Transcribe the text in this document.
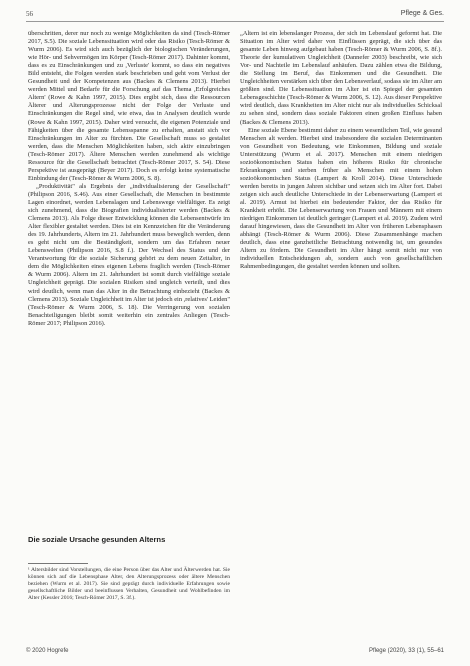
56	Pflege & Ges.

überschritten, derer nur noch zu wenige Möglichkeiten da sind (Tesch-Römer 2017, S.5). Die soziale Lebenssituation wird oder das Risiko (Tesch-Römer & Wurm 2006). Es wird sich auch bezüglich der biologischen Veränderungen, wie Hör- und Sehvermögen im Körper (Tesch-Römer 2017). Dahinter kommt, dass es zu Einschränkungen und zu ,Verluste' kommt, so dass ein negatives Bild entsteht, die Folgen werden stark beschrieben und geht vom Verlust der Gesundheit und der Kompetenzen aus (Backes & Clemens 2013). Hierbei werden Mittel und Bedarfe für die Forschung auf das Thema ,Erfolgreiches Altern' (Rowe & Kahn 1997, 2015). Dies ergibt sich, dass die Ressourcen Älterer und Alterungsprozesse nicht der Folge der Verluste und Einschränkungen die Regel sind, wie etwa, das in Analysen deutlich wurde (Rowe & Kahn 1997, 2015). Daher wird versucht, die eigenen Potenziale und Fähigkeiten über die gesamte Lebensspanne zu erhalten, anstatt sich vor Einschränkungen im Alter zu fürchten. Die Gesellschaft muss so gestaltet werden, dass die Menschen Möglichkeiten haben, sich aktiv einzubringen (Tesch-Römer 2017). Ältere Menschen werden zunehmend als wichtige Ressource für die Gesellschaft betrachtet (Tesch-Römer 2017, S. 54). Diese Perspektive ist ausgeprägt (Beyer 2017). Doch es erfolgt keine systematische Einbindung der (Tesch-Römer & Wurm 2006, S. 8).

„Produktivität" als Ergebnis der „individualisierung der Gesellschaft" (Philipson 2016, S.46). Aus einer Gesellschaft, die Menschen in bestimmte Lagen einordnet, werden Lebenslagen und Lebenswege vielfältiger. Es zeigt sich zunehmend, dass die Biografien individualisierter werden (Backes & Clemens 2013). Als Folge dieser Entwicklung können die Lebensentwürfe im Alter flexibler gestaltet werden. Dies ist ein Kennzeichen für die Veränderung des 19. Jahrhunderts, Altern im 21. Jahrhundert muss beweglich werden, denn es geht nicht um die Beständigkeit, sondern um das Erfahren neuer Lebenswelten (Philipson 2016, S.8 f.). Der Wechsel des Status und der Verantwortung für die soziale Sicherung gehört zu dem neuen Zeitalter, in dem die Möglichkeiten eines eigenen Lebens fraglich werden (Tesch-Römer & Wurm 2006). Altern im 21. Jahrhundert ist somit durch vielfältige soziale Ungleichheit geprägt. Die sozialen Risiken sind ungleich verteilt, und dies wird deutlich, wenn man das Alter in die Betrachtung einbezieht (Backes & Clemens 2013). Soziale Ungleichheit im Alter ist jedoch ein ,relatives' Leiden" (Tesch-Römer & Wurm 2006, S. 18). Die Verringerung von sozialen Benachteiligungen bleibt somit weiterhin ein zentrales Anliegen (Tesch-Römer 2017; Philipson 2016).

Die soziale Ursache gesunden Alterns
¹ Altersbilder sind Vorstellungen, die eine Person über das Alter und Älterwerden hat. Sie können sich auf die Lebensphase Alter, den Alterungsprozess oder ältere Menschen beziehen (Wurm et al. 2017). Sie sind geprägt durch individuelle Erfahrungen sowie gesellschaftliche Bilder und beeinflussen Verhalten, Gesundheit und Wohlbefinden im Alter (Kessler 2016; Tesch-Römer 2017, S. 3f.).

„Altern ist ein lebenslanger Prozess, der sich im Lebenslauf geformt hat. Die Situation im Alter wird daher von Einflüssen geprägt, die sich über das gesamte Leben hinweg aufgebaut haben (Tesch-Römer & Wurm 2006, S. 8f.). Theorie der kumulativen Ungleichheit (Dannefer 2003) beschreibt, wie sich Vor- und Nachteile im Lebenslauf anhäufen. Dazu zählen etwa die Bildung, die Stellung im Beruf, das Einkommen und die Gesundheit. Die Ungleichheiten verstärken sich über den Lebensverlauf, sodass sie im Alter am größten sind. Die Lebenssituation im Alter ist ein Spiegel der gesamten Lebensgeschichte (Tesch-Römer & Wurm 2006, S. 12). Aus dieser Perspektive wird deutlich, dass Krankheiten im Alter nicht nur als individuelles Schicksal zu sehen sind, sondern dass soziale Faktoren einen großen Einfluss haben (Backes & Clemens 2013).

Eine soziale Ebene bestimmt daher zu einem wesentlichen Teil, wie gesund Menschen alt werden. Hierbei sind insbesondere die sozialen Determinanten von Gesundheit von Bedeutung, wie Einkommen, Bildung und soziale Unterstützung (Wurm et al. 2017). Menschen mit einem niedrigen sozioökonomischen Status haben ein höheres Risiko für chronische Erkrankungen und sterben früher als Menschen mit einem hohen sozioökonomischen Status (Lampert & Kroll 2014). Diese Unterschiede werden bereits in jungen Jahren sichtbar und setzen sich im Alter fort. Dabei zeigen sich auch deutliche Unterschiede in der Lebenserwartung (Lampert et al. 2019). Armut ist hierbei ein bedeutender Faktor, der das Risiko für Krankheit erhöht. Die Lebenserwartung von Frauen und Männern mit einem niedrigen Einkommen ist deutlich geringer (Lampert et al. 2019). Zudem wird darauf hingewiesen, dass die Gesundheit im Alter von früheren Lebensphasen abhängt (Tesch-Römer & Wurm 2006). Diese Zusammenhänge machen deutlich, dass eine ganzheitliche Betrachtung notwendig ist, um gesundes Altern zu fördern. Die Gesundheit im Alter hängt somit nicht nur von individuellen Entscheidungen ab, sondern auch von gesellschaftlichen Rahmenbedingungen, die gestaltet werden können und sollten.

© 2020 Hogrefe	Pflege (2020), 33 (1), 55–61
